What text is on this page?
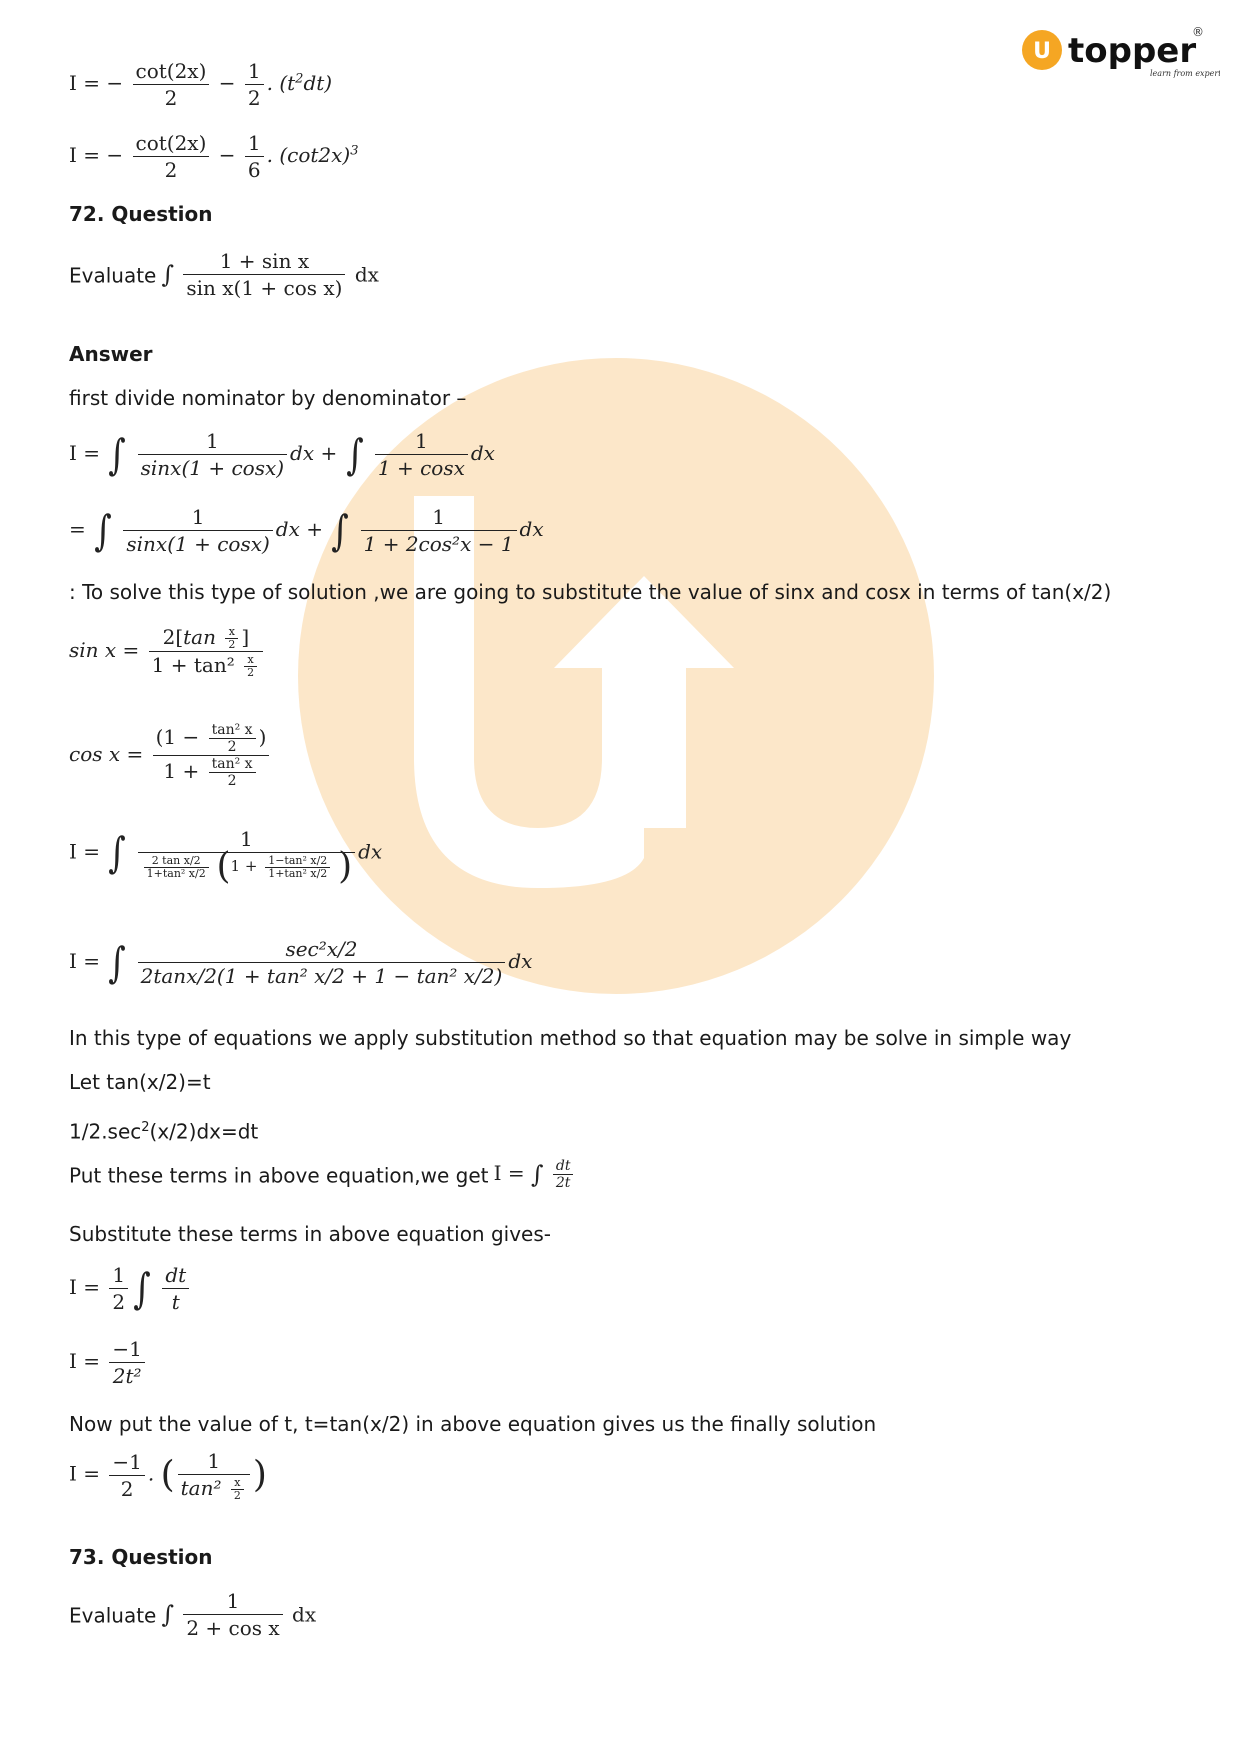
U topper
®
learn from experts
I = − $\frac{\cot(2x)}{2} - \frac{1}{2}$ . $(t^2dt)$
I = − $\frac{\cot(2x)}{2} - \frac{1}{6}$ . $(\cot 2x)^3$
72. Question
Evaluate ∫ $\frac{\text{1 + sin x}}{\text{sin x(1 + cos x)}}$ dx
Answer
first divide nominator by denominator –
I = ∫ $\frac{1}{\sin x(1 + \cos x)}$ dx + ∫ $\frac{1}{1 + \cos x}$ dx
= ∫ $\frac{1}{\sin x(1 + \cos x)}$ dx + ∫ $\frac{1}{\text{1 + 2cos²x − 1}}$ dx
: To solve this type of solution ,we are going to substitute the value of sinx and cosx in terms of tan(x/2)
$\sin x = \frac{2[\tan \frac{x}{2} ]}{1 + \tan^2 \frac{x}{2}}$
$\cos x = \frac{(1 - \frac{\text{tan² x}}{2} )}{1 + \frac{\text{tan² x}}{2}}$
I = ∫	1
$\frac{\text{2 tan x/2}}{\text{1+tan² x/2}} (1 + \frac{\text{1−tan² x/2}}{\text{1+tan² x/2}}$ ) dx
I = ∫ $\frac{\text{sec²x/2}}{\text{2tanx/2(1 + tan² x/2 + 1 − tan² x/2)}}$ dx
In this type of equations we apply substitution method so that equation may be solve in simple way
Let tan(x/2)=t
$1/2.\sec^2(x/2)dx=dt$
Put these terms in above equation,we get I = ∫ $\frac{dt}{2t}$
Substitute these terms in above equation gives-
$I = \frac{1}{2}$ ∫ $\frac{dt}{t}$
$I = \frac{-1}{\text{2t²}}$
Now put the value of t, t=tan(x/2) in above equation gives us the finally solution
$I = \frac{-1}{2}$ . ( $\frac{1}{\tan^2 \frac{x}{2}}$ )
73. Question
Evaluate ∫ $\frac{1}{\text{2 + cos x}}$ dx
